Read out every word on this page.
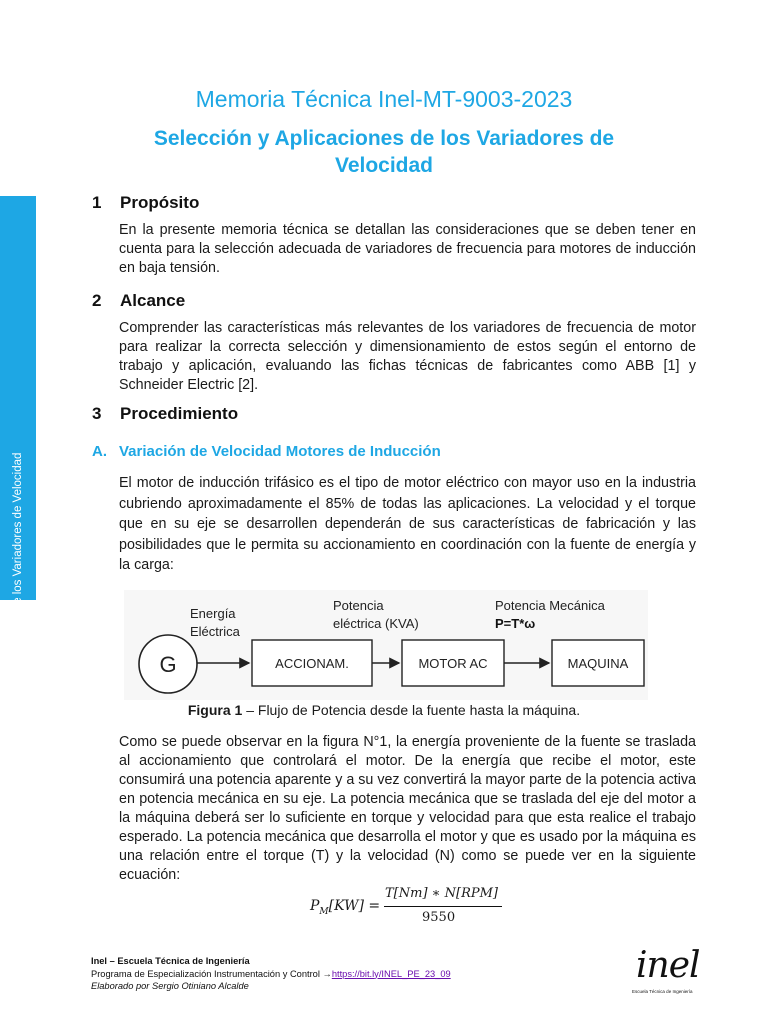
Selección y Aplicaciones de los Variadores de Velocidad
Memoria Técnica Inel-MT-9003-2023
Selección y Aplicaciones de los Variadores de Velocidad
1 Propósito
En la presente memoria técnica se detallan las consideraciones que se deben tener en cuenta para la selección adecuada de variadores de frecuencia para motores de inducción en baja tensión.
2 Alcance
Comprender las características más relevantes de los variadores de frecuencia de motor para realizar la correcta selección y dimensionamiento de estos según el entorno de trabajo y aplicación, evaluando las fichas técnicas de fabricantes como ABB [1] y Schneider Electric [2].
3 Procedimiento
A. Variación de Velocidad Motores de Inducción
El motor de inducción trifásico es el tipo de motor eléctrico con mayor uso en la industria cubriendo aproximadamente el 85% de todas las aplicaciones. La velocidad y el torque que en su eje se desarrollen dependerán de sus características de fabricación y las posibilidades que le permita su accionamiento en coordinación con la fuente de energía y la carga:
Energía
Eléctrica
Potencia
eléctrica (KVA)
Potencia Mecánica
P=T*ω
G	ACCIONAM.	MOTOR AC	MAQUINA
Figura 1 – Flujo de Potencia desde la fuente hasta la máquina.
Como se puede observar en la figura N°1, la energía proveniente de la fuente se traslada al accionamiento que controlará el motor. De la energía que recibe el motor, este consumirá una potencia aparente y a su vez convertirá la mayor parte de la potencia activa en potencia mecánica en su eje. La potencia mecánica que se traslada del eje del motor a la máquina deberá ser lo suficiente en torque y velocidad para que esta realice el trabajo esperado. La potencia mecánica que desarrolla el motor y que es usado por la máquina es una relación entre el torque (T) y la velocidad (N) como se puede ver en la siguiente ecuación:
$P_M[KW]$ =
T[Nm] ∗ N[RPM]
9550
Inel – Escuela Técnica de Ingeniería
Programa de Especialización Instrumentación y Control →https://bit.ly/INEL_PE_23_09
Elaborado por Sergio Otiniano Alcalde	inel
Escuela Técnica de Ingeniería
